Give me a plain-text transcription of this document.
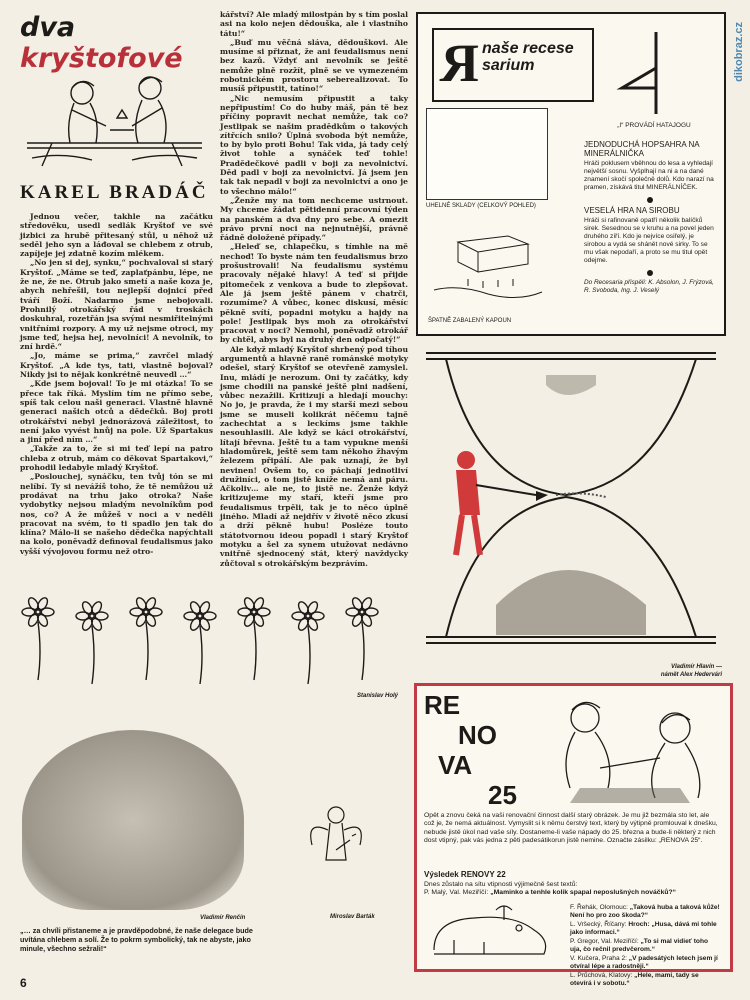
dikobraz.cz
dva kryštofové
KAREL BRADÁČ

Jednou večer, takhle na začátku středověku, usedl sedlák Kryštof ve své jizbici za hrubě přitesaný stůl, u něhož už seděl jeho syn a láđoval se chlebem z otrub, zapíjeje jej zdatně kozím mlékem.

„No jen si dej, synku,“ pochvaloval si starý Kryštof. „Máme se teď, zaplaťpánbu, lépe, ne že ne, že ne. Otrub jako smetí a naše koza je, abych nehřešil, tou nejlepší dojnicí před tváří Boží. Nadarmo jsme nebojovali. Prohnilý otrokářský řád v troskách doskuhral, rozetřán jsa svými nesmiřitelnými vnitřními rozpory. A my už nejsme otroci, my jsme teď, hejsa hej, nevolníci! A nevolník, to zní hrdě.“

„Jo, máme se prima,“ zavrčel mladý Kryštof. „A kde tys, tati, vlastně bojoval? Nikdy jsi to nějak konkrétně neuvedl …“

„Kde jsem bojoval! To je mi otázka! To se přece tak říká. Myslím tím ne přímo sebe, spíš tak celou naši generaci. Vlastně hlavně generaci našich otců a dědečků. Boj proti otrokářství nebyl jednorázová záležitost, to není jako vyvést hnůj na pole. Už Spartakus a jiní před ním …“

„Takže za to, že si mi teď lepí na patro chleba z otrub, mám co děkovat Spartakovi,“ prohodil ledabyle mladý Kryštof.

„Poslouchej, synáčku, ten tvůj tón se mi nelíbí. Ty si nevážíš toho, že tě nemůžou už prodávat na trhu jako otroka? Naše vydobytky nejsou mladým nevolníkům pod nos, co? A že můžeš v noci a v neděli pracovat na svém, to ti spadlo jen tak do klína? Málo-li se našeho dědečka napýchtali na kolo, poněvadž definoval feudalismus jako vyšší vývojovou formu než otro-

kářství? Ale mladý milostpán by s tím poslal asi na kolo nejen dědouška, ale i vlastního tátu!“

„Buď mu věčná sláva, dědouškovi. Ale musíme si přiznat, že ani feudalismus není bez kazů. Vždyť ani nevolník se ještě nemůže plně rozžít, plně se ve vymezeném robotnickém prostoru seberealizovat. To musíš připustit, tatíno!“

„Nic nemusím připustit a taky nepřipustím! Co do huby máš, pán tě bez příčiny popravit nechat nemůže, tak co? Jestlipak se našim pradědkům o takových zítřcích snilo? Úplná svoboda být nemůže, to by bylo proti Bohu! Tak vida, já tady celý život tohle a synáček teď tohle! Pradědečkové padli v boji za nevolnictví. Děd padl v boji za nevolnictví. Já jsem jen tak tak nepadl v boji za nevolnictví a ono je to všechno málo!“

„Ženže my na tom nechceme ustrnout. My chceme žádat pětidenní pracovní týden na panském a dva dny pro sebe. A omezit právo první noci na nejnutnější, právně řádně doložené případy.“

„Heleď se, chlapečku, s tímhle na mě nechoď! To byste nám ten feudalismus brzo prošustrovali! Na feudalismu systému pracovaly nějaké hlavy! A teď si přijde pitomeček z venkova a bude to zlepšovat. Ale já jsem ještě pánem v chatrči, rozumíme? A vůbec, konec diskusí, měsíc pěkně svítí, popadni motyku a hajdy na pole! Jestlipak bys moh za otrokářství pracovat v noci? Nemohl, poněvadž otrokář by chtěl, abys byl na druhý den odpočatý!“

Ale když mladý Kryštof shrbený pod tíhou argumentů a hlavně raně románské motyky odešel, starý Kryštof se otevřeně zamyslel. Inu, mládí je nerozum. Oni ty začátky, kdy jsme chodili na panské ještě plni nadšení, vůbec nezažili. Kritizují a hledají mouchy: No jo, je pravda, že i my starší mezi sebou jsme se museli kolikrát něčemu tajně zachechtat a s leckíms jsme takhle nesouhlasili. Ale když se káci otrokářství, lítají břevna. Ještě tu a tam vypukne menší hladomůrek, ještě sem tam někoho žhavým železem připálí. Ale pak uznají, že byl nevinen! Ovšem to, co páchají jednotliví družiníci, o tom jistě kníže nemá ani páru. Ačkoliv… ale ne, to jistě ne. Ženže když kritizujeme my staří, kteří jsme pro feudalismus trpěli, tak je to něco úplně jiného. Mladí až nejdřív v životě něco zkusí a drží pěkně hubu! Posléze touto státotvornou ideou popadl i starý Kryštof motyku a šel za synem utužovat nedávno vnitřně sjednocený stát, který navždycky zůčtoval s otrokářským bezprávím.

R naše recese sarium
„I“ PROVÁDÍ HATAJOGU
UHELNÉ SKLADY (CELKOVÝ POHLED)
ŠPATNĚ ZABALENÝ KAPOUN
JEDNODUCHÁ HOPSAHRA NA MINERÁLNIČKA
Hráči poklusem vběhnou do lesa a vyhledají největší sosnu. Vyšplhají na ni a na dané znamení skočí společně dolů. Kdo narazí na pramen, získává titul MINERÁLNÍČEK.
VESELÁ HRA NA SIROBU
Hráči si rafinovaně opatří několik balíčků sirek. Sesednou se v kruhu a na povel jeden druhého zíří. Kdo je nejvíce osiřelý, je sirobou a vydá se shánět nové sirky. To se mu však nepodaří, a proto se mu titul opět odejme.
Do Recesaria přispěli: K. Absolon, J. Frýzová, R. Svoboda, Ing. J. Veselý
Vladimír Hlavín —
námět Alex Hedervári
Stanislav Holý
Vladimír Renčín
„… za chvíli přistaneme a je pravděpodobné, že naše delegace bude uvítána chlebem a solí. Že to pokrm symbolický, tak ne abyste, jako minule, všechno sežrali!“
Miroslav Barták
6
RE
NO
VA
25
Opět a znovu čeká na vaši renovační činnost další starý obrázek. Je mu již bezmála sto let, ale což je, že nemá aktuálnost. Vymyslit si k němu čerstvý text, který by výtipně promlouval k dnešku, nebude jistě úkol nad vaše síly. Dostaneme-li vaše nápady do 25. března a bude-li některý z nich dost vtipný, pak vás jedna z pěti padesátikorun jistě nemine. Označte zásilku: „RENOVA 25“.
Výsledek RENOVY 22
Dnes zůstalo na sítu vtipnosti výjimečně šest textů:
P. Malý, Val. Meziříčí: „Maminko a tenhle kolik spapal neposlušných nováčků?“
F. Řehák, Olomouc: „Taková huba a taková kůže! Není ho pro zoo škoda?“
L. Vršecký, Říčany: Hroch: „Husa, dává mi tohle jako informaci.“
P. Gregor, Val. Meziříčí: „To si mal vidieť toho uja, čo rečnil predvčerom.“
V. Kučera, Praha 2: „V padesátých letech jsem jí otvíral lépe a radostněji.“
L. Průchová, Klatovy: „Hele, mami, tady se otevírá i v sobotu.“
